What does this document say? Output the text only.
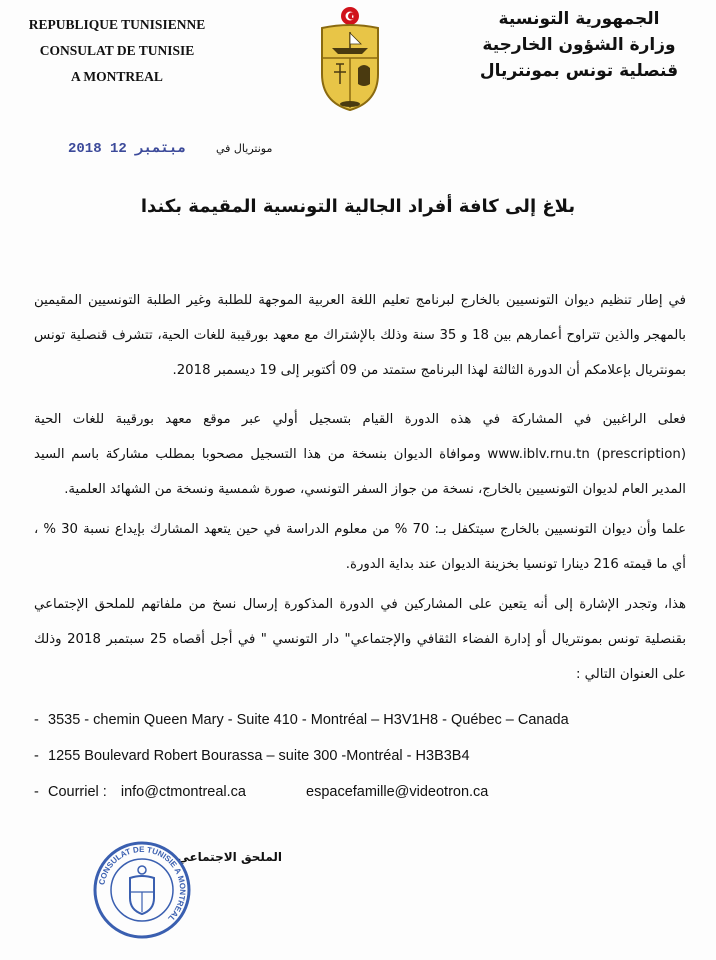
REPUBLIQUE TUNISIENNE
CONSULAT DE TUNISIE
A MONTREAL
الجمهورية التونسية
وزارة الشؤون الخارجية
قنصلية تونس بمونتريال
2018 مبتمبر 12	مونتريال في
بلاغ إلى كافة أفراد الجالية التونسية المقيمة بكندا
في إطار تنظيم ديوان التونسيين بالخارج لبرنامج تعليم اللغة العربية الموجهة للطلبة وغير الطلبة التونسيين المقيمين بالمهجر والذين تتراوح أعمارهم بين 18 و 35 سنة وذلك بالإشتراك مع معهد بورقيبة للغات الحية، تتشرف قنصلية تونس بمونتريال بإعلامكم أن الدورة الثالثة لهذا البرنامج ستمتد من 09 أكتوبر إلى 19 ديسمبر 2018.
فعلى الراغبين في المشاركة في هذه الدورة القيام بتسجيل أولي عبر موقع معهد بورقيبة للغات الحية (www.iblv.rnu.tn (prescription وموافاة الديوان بنسخة من هذا التسجيل مصحوبا بمطلب مشاركة باسم السيد المدير العام لديوان التونسيين بالخارج، نسخة من جواز السفر التونسي، صورة شمسية ونسخة من الشهائد العلمية.
علما وأن ديوان التونسيين بالخارج سيتكفل بـ: 70 % من معلوم الدراسة في حين يتعهد المشارك بإيداع نسبة 30 % ، أي ما قيمته 216 دينارا تونسيا بخزينة الديوان عند بداية الدورة.
هذا، وتجدر الإشارة إلى أنه يتعين على المشاركين في الدورة المذكورة إرسال نسخ من ملفاتهم للملحق الإجتماعي بقنصلية تونس بمونتريال أو إدارة الفضاء الثقافي والإجتماعي" دار التونسي " في أجل أقصاه 25 سبتمبر 2018 وذلك على العنوان التالي :
- 3535 - chemin Queen Mary - Suite 410 - Montréal – H3V1H8 - Québec – Canada
- 1255 Boulevard Robert Bourassa – suite 300 -Montréal - H3B3B4
- Courriel : info@ctmontreal.ca	espacefamille@videotron.ca
الملحق الاجتماعي
CONSULAT DE TUNISIE A MONTREAL
